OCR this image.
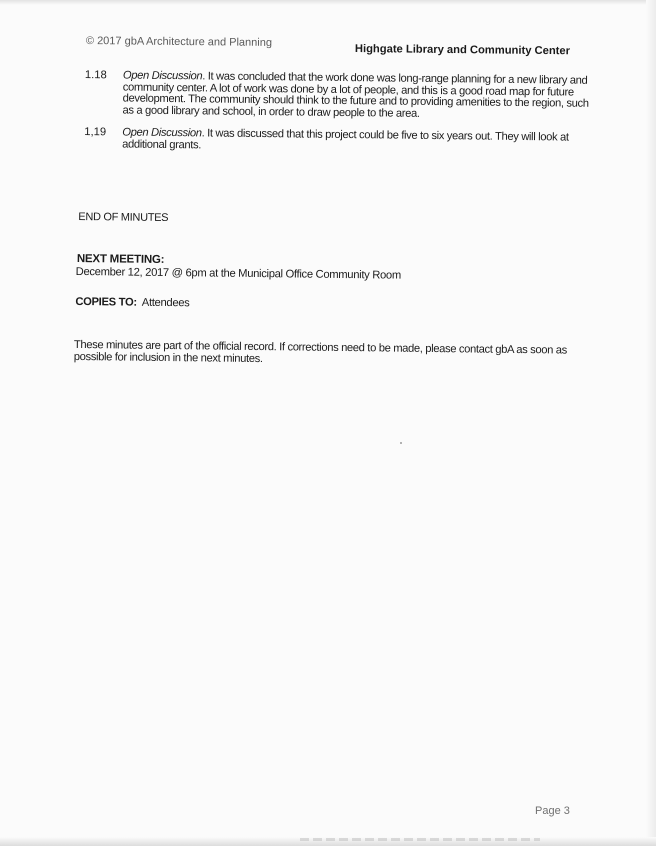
© 2017 gbA Architecture and Planning
Highgate Library and Community Center
1.18	Open Discussion. It was concluded that the work done was long-range planning for a new library and community center. A lot of work was done by a lot of people, and this is a good road map for future development. The community should think to the future and to providing amenities to the region, such as a good library and school, in order to draw people to the area.
1,19	Open Discussion. It was discussed that this project could be five to six years out. They will look at additional grants.
END OF MINUTES
NEXT MEETING:
December 12, 2017 @ 6pm at the Municipal Office Community Room
COPIES TO: Attendees
These minutes are part of the official record. If corrections need to be made, please contact gbA as soon as possible for inclusion in the next minutes.
Page 3
